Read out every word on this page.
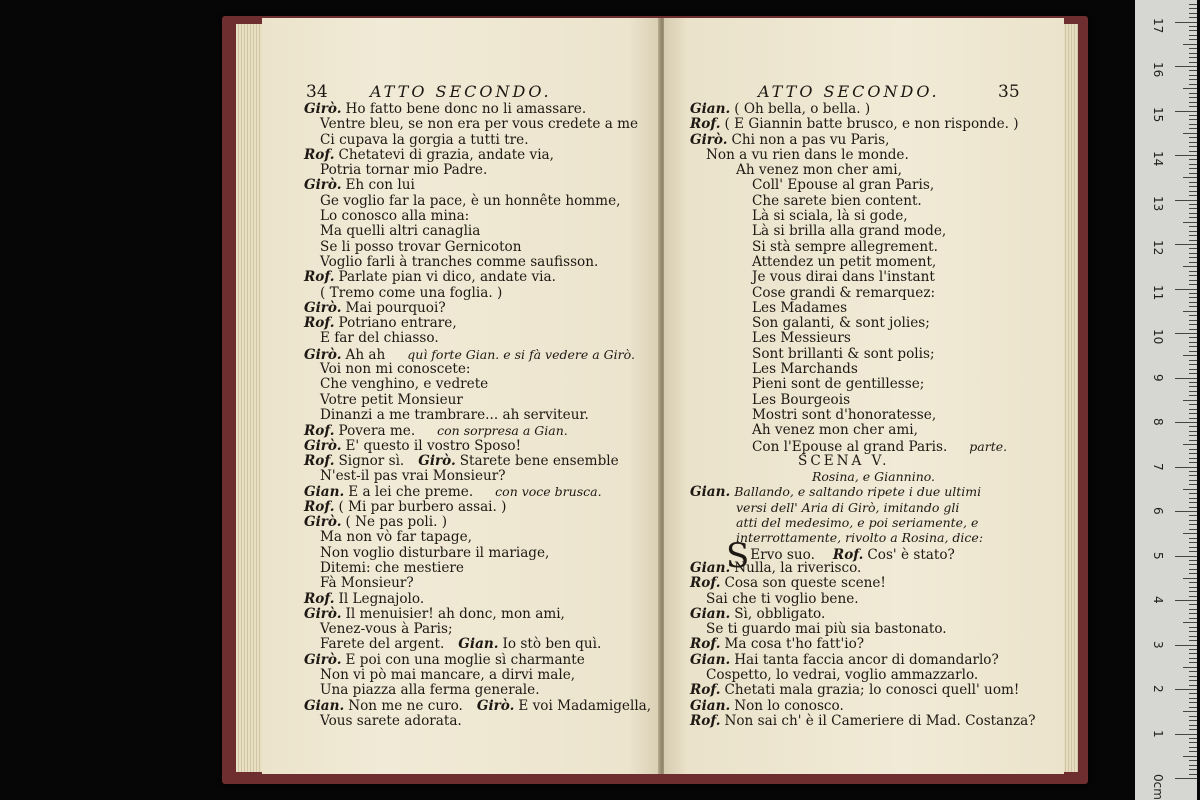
34	ATTO SECONDO.
Girò. Ho fatto bene donc no li amassare.
Ventre bleu, se non era per vous credete a me
Ci cupava la gorgia a tutti tre.
Rof. Chetatevi di grazia, andate via,
Potria tornar mio Padre.
Girò. Eh con lui
Ge voglio far la pace, è un honnête homme,
Lo conosco alla mina:
Ma quelli altri canaglia
Se li posso trovar Gernicoton
Voglio farli à tranches comme saufisson.
Rof. Parlate pian vi dico, andate via.
( Tremo come una foglia. )
Girò. Mai pourquoi?
Rof. Potriano entrare,
E far del chiasso.
Girò. Ah ah quì forte Gian. e si fà vedere a Girò.
Voi non mi conoscete:
Che venghino, e vedrete
Votre petit Monsieur
Dinanzi a me trambrare... ah serviteur.
Rof. Povera me. con sorpresa a Gian.
Girò. E' questo il vostro Sposo!
Rof. Signor sì. Girò. Starete bene ensemble
N'est-il pas vrai Monsieur?
Gian. E a lei che preme. con voce brusca.
Rof. ( Mi par burbero assai. )
Girò. ( Ne pas poli. )
Ma non vò far tapage,
Non voglio disturbare il mariage,
Ditemi: che mestiere
Fà Monsieur?
Rof. Il Legnajolo.
Girò. Il menuisier! ah donc, mon ami,
Venez-vous à Paris;
Farete del argent. Gian. Io stò ben quì.
Girò. E poi con una moglie sì charmante
Non vi pò mai mancare, a dirvi male,
Una piazza alla ferma generale.
Gian. Non me ne curo. Girò. E voi Madamigella,
Vous sarete adorata.
ATTO SECONDO.	35
Gian. ( Oh bella, o bella. )
Rof. ( E Giannin batte brusco, e non risponde. )
Girò. Chi non a pas vu Paris,
Non a vu rien dans le monde.
Ah venez mon cher ami,
Coll' Epouse al gran Paris,
Che sarete bien content.
Là si sciala, là si gode,
Là si brilla alla grand mode,
Si stà sempre allegrement.
Attendez un petit moment,
Je vous dirai dans l'instant
Cose grandi & remarquez:
Les Madames
Son galanti, & sont jolies;
Les Messieurs
Sont brillanti & sont polis;
Les Marchands
Pieni sont de gentillesse;
Les Bourgeois
Mostri sont d'honoratesse,
Ah venez mon cher ami,
Con l'Epouse al grand Paris. parte.
SCENA V.
Rosina, e Giannino.
Gian. Ballando, e saltando ripete i due ultimi
versi dell' Aria di Girò, imitando gli
atti del medesimo, e poi seriamente, e
interrottamente, rivolto a Rosina, dice:
SErvo suo. Rof. Cos' è stato?
Gian. Nulla, la riverisco.
Rof. Cosa son queste scene!
Sai che ti voglio bene.
Gian. Sì, obbligato.
Se ti guardo mai più sia bastonato.
Rof. Ma cosa t'ho fatt'io?
Gian. Hai tanta faccia ancor di domandarlo?
Cospetto, lo vedrai, voglio ammazzarlo.
Rof. Chetati mala grazia; lo conosci quell' uom!
Gian. Non lo conosco.
Rof. Non sai ch' è il Cameriere di Mad. Costanza?
0cm
1
2
3
4
5
6
7
8
9
10
11
12
13
14
15
16
17
